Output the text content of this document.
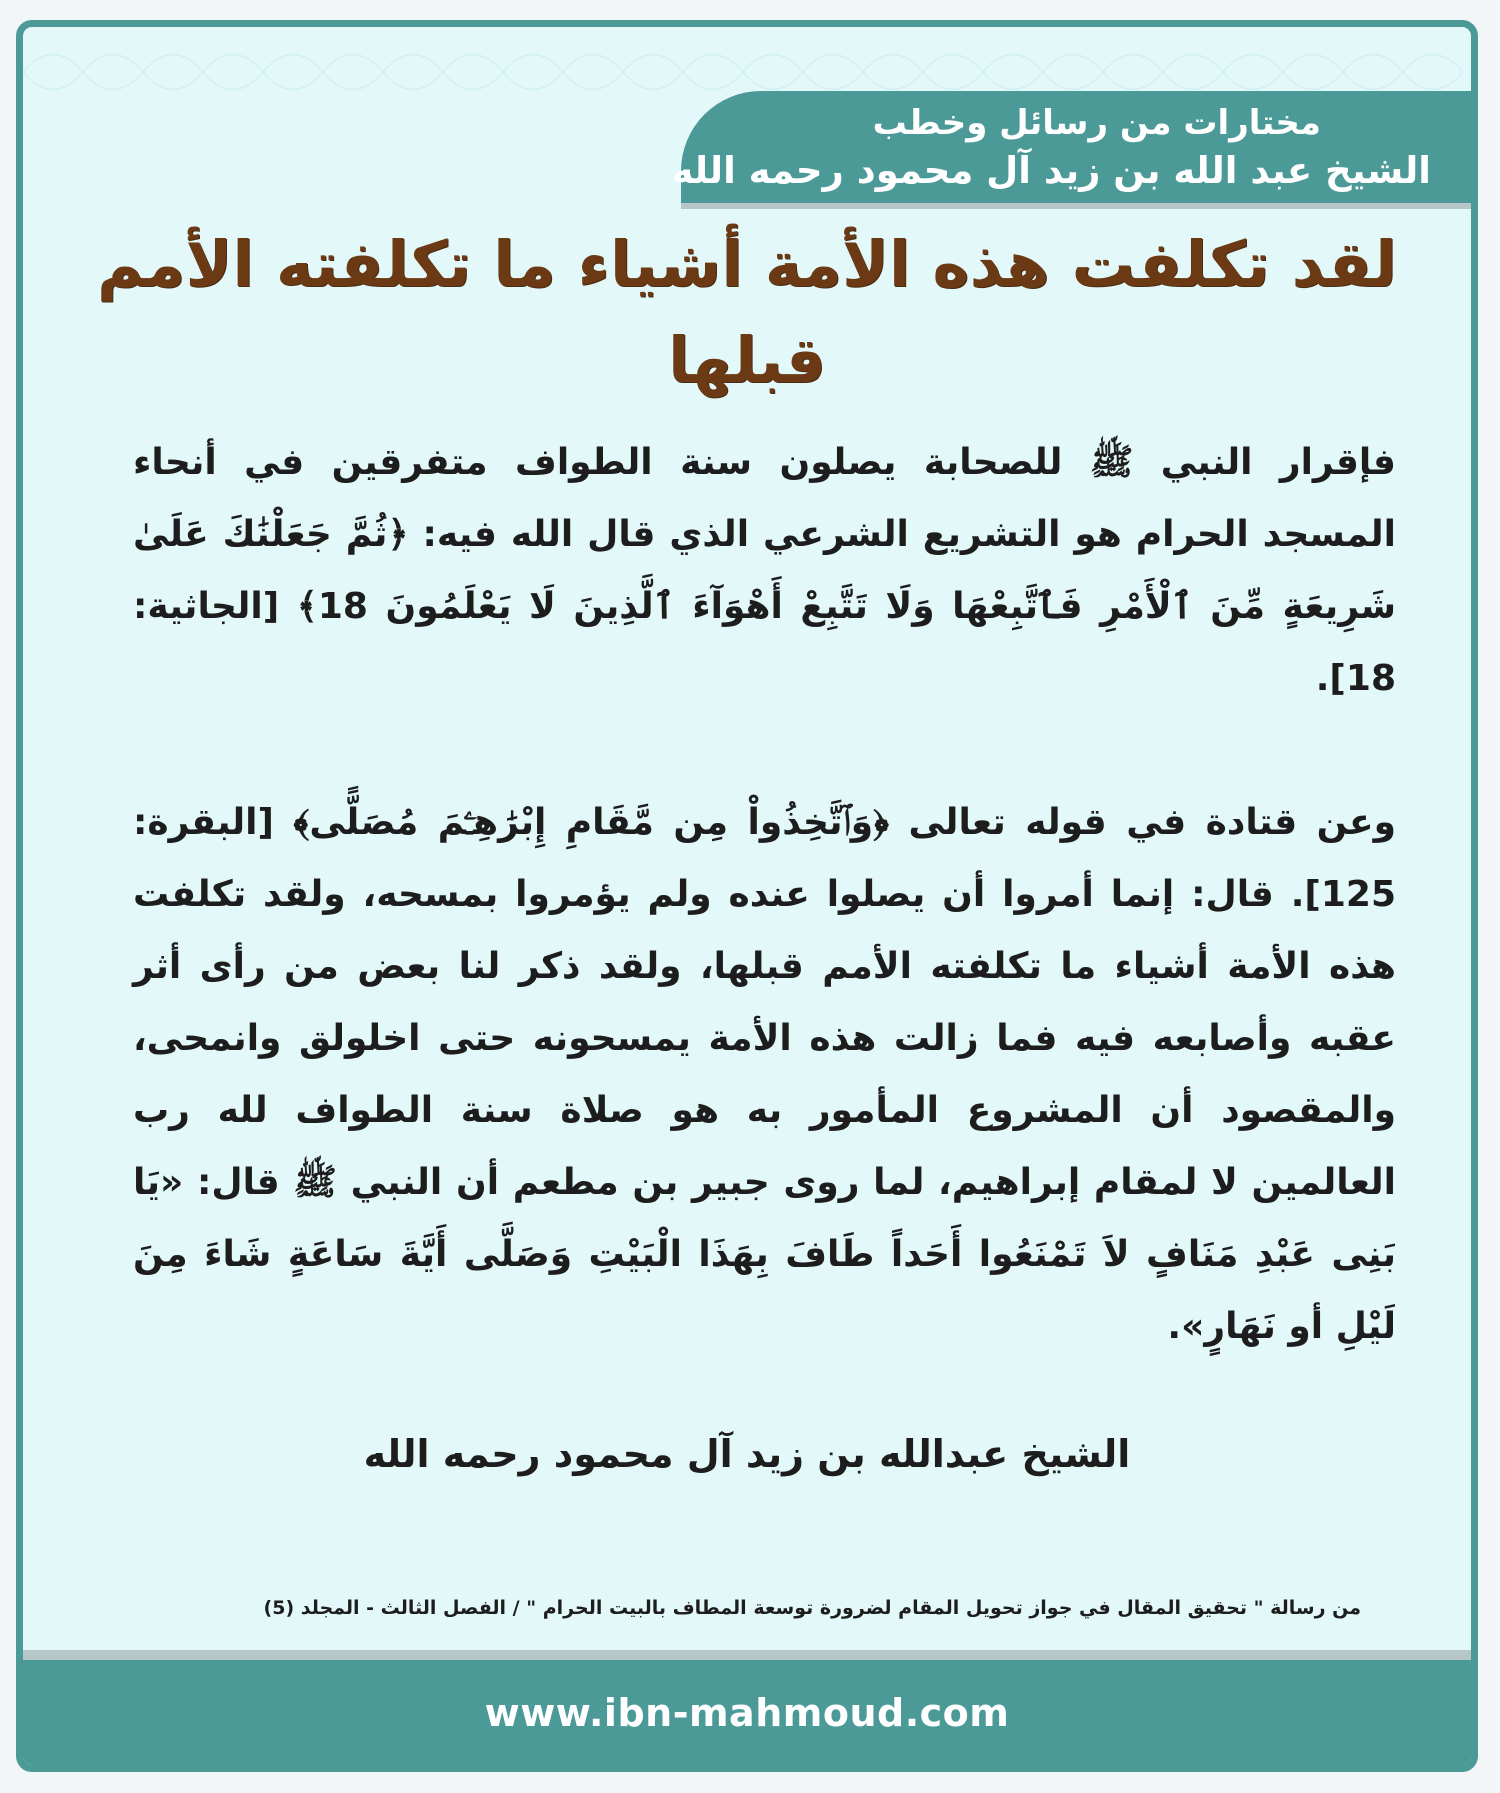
مختارات من رسائل وخطب
الشيخ عبد الله بن زيد آل محمود رحمه الله
لقد تكلفت هذه الأمة أشياء ما تكلفته الأمم قبلها

فإقرار النبي ﷺ للصحابة يصلون سنة الطواف متفرقين في أنحاء المسجد الحرام هو التشريع الشرعي الذي قال الله فيه: ﴿ثُمَّ جَعَلْنَٰكَ عَلَىٰ شَرِيعَةٍ مِّنَ ٱلْأَمْرِ فَٱتَّبِعْهَا وَلَا تَتَّبِعْ أَهْوَآءَ ٱلَّذِينَ لَا يَعْلَمُونَ 18﴾ [الجاثية: 18].

وعن قتادة في قوله تعالى ﴿وَٱتَّخِذُواْ مِن مَّقَامِ إِبْرَٰهِـۧمَ مُصَلًّى﴾ [البقرة: 125]. قال: إنما أمروا أن يصلوا عنده ولم يؤمروا بمسحه، ولقد تكلفت هذه الأمة أشياء ما تكلفته الأمم قبلها، ولقد ذكر لنا بعض من رأى أثر عقبه وأصابعه فيه فما زالت هذه الأمة يمسحونه حتى اخلولق وانمحى، والمقصود أن المشروع المأمور به هو صلاة سنة الطواف لله رب العالمين لا لمقام إبراهيم، لما روى جبير بن مطعم أن النبي ﷺ قال: «يَا بَنِى عَبْدِ مَنَافٍ لاَ تَمْنَعُوا أَحَداً طَافَ بِهَذَا الْبَيْتِ وَصَلَّى أَيَّةَ سَاعَةٍ شَاءَ مِنَ لَيْلِ أو نَهَارٍ».

الشيخ عبدالله بن زيد آل محمود رحمه الله
من رسالة " تحقيق المقال في جواز تحويل المقام لضرورة توسعة المطاف بالبيت الحرام " / الفصل الثالث - المجلد (5)
www.ibn-mahmoud.com
